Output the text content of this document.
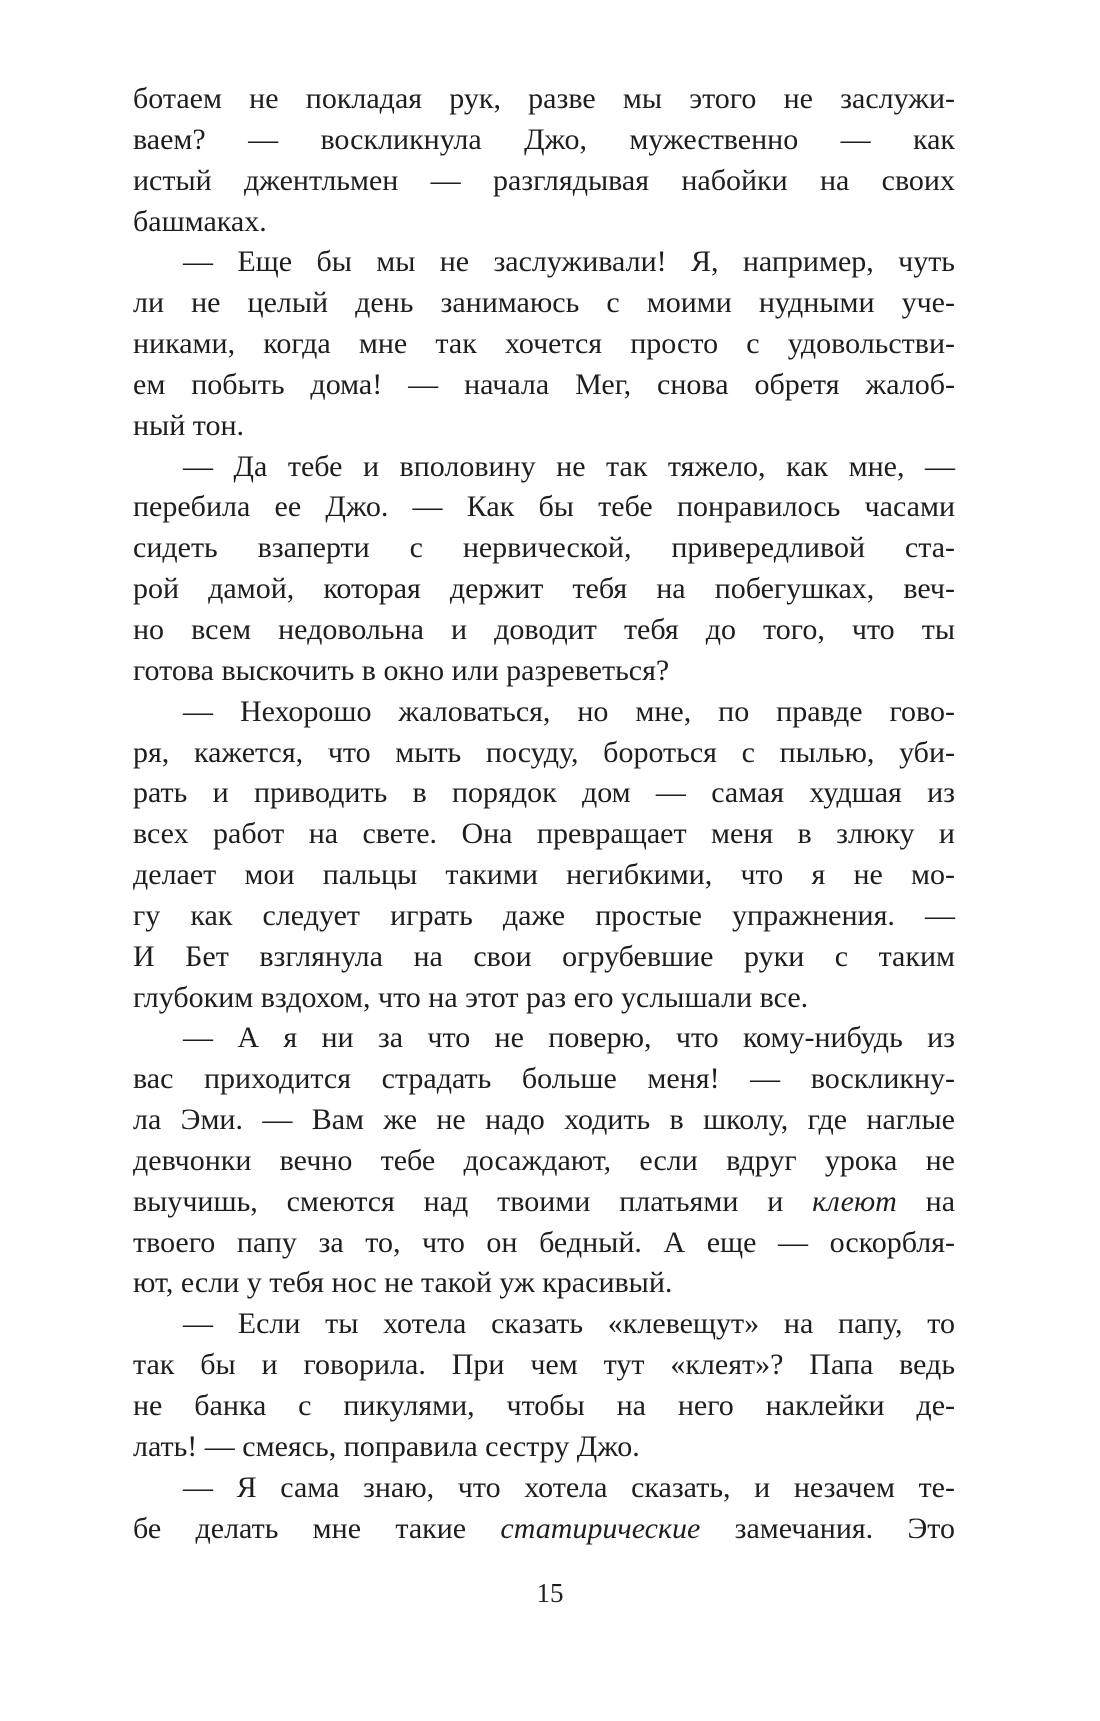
ботаем не покладая рук, разве мы этого не заслужи-
ваем? — воскликнула Джо, мужественно — как
истый джентльмен — разглядывая набойки на своих
башмаках.
— Еще бы мы не заслуживали! Я, например, чуть
ли не целый день занимаюсь с моими нудными уче-
никами, когда мне так хочется просто с удовольстви-
ем побыть дома! — начала Мег, снова обретя жалоб-
ный тон.
— Да тебе и вполовину не так тяжело, как мне, —
перебила ее Джо. — Как бы тебе понравилось часами
сидеть взаперти с нервической, привередливой ста-
рой дамой, которая держит тебя на побегушках, веч-
но всем недовольна и доводит тебя до того, что ты
готова выскочить в окно или разреветься?
— Нехорошо жаловаться, но мне, по правде гово-
ря, кажется, что мыть посуду, бороться с пылью, уби-
рать и приводить в порядок дом — самая худшая из
всех работ на свете. Она превращает меня в злюку и
делает мои пальцы такими негибкими, что я не мо-
гу как следует играть даже простые упражнения. —
И Бет взглянула на свои огрубевшие руки с таким
глубоким вздохом, что на этот раз его услышали все.
— А я ни за что не поверю, что кому-нибудь из
вас приходится страдать больше меня! — воскликну-
ла Эми. — Вам же не надо ходить в школу, где наглые
девчонки вечно тебе досаждают, если вдруг урока не
выучишь, смеются над твоими платьями и клеют на
твоего папу за то, что он бедный. А еще — оскорбля-
ют, если у тебя нос не такой уж красивый.
— Если ты хотела сказать «клевещут» на папу, то
так бы и говорила. При чем тут «клеят»? Папа ведь
не банка с пикулями, чтобы на него наклейки де-
лать! — смеясь, поправила сестру Джо.
— Я сама знаю, что хотела сказать, и незачем те-
бе делать мне такие статирические замечания. Это
15
